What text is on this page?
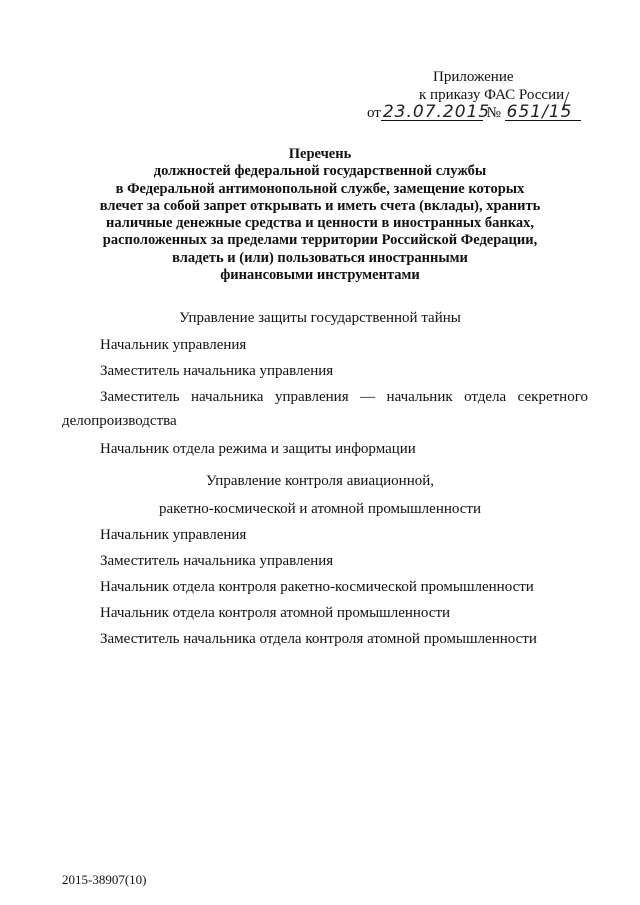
Приложение
к приказу ФАС России
от 23.07.2015 № 651/15
Перечень
должностей федеральной государственной службы
в Федеральной антимонопольной службе, замещение которых
влечет за собой запрет открывать и иметь счета (вклады), хранить
наличные денежные средства и ценности в иностранных банках,
расположенных за пределами территории Российской Федерации,
владеть и (или) пользоваться иностранными
финансовыми инструментами
Управление защиты государственной тайны
Начальник управления
Заместитель начальника управления
Заместитель начальника управления — начальник отдела секретного
делопроизводства
Начальник отдела режима и защиты информации
Управление контроля авиационной,
ракетно-космической и атомной промышленности
Начальник управления
Заместитель начальника управления
Начальник отдела контроля ракетно-космической промышленности
Начальник отдела контроля атомной промышленности
Заместитель начальника отдела контроля атомной промышленности
2015-38907(10)
